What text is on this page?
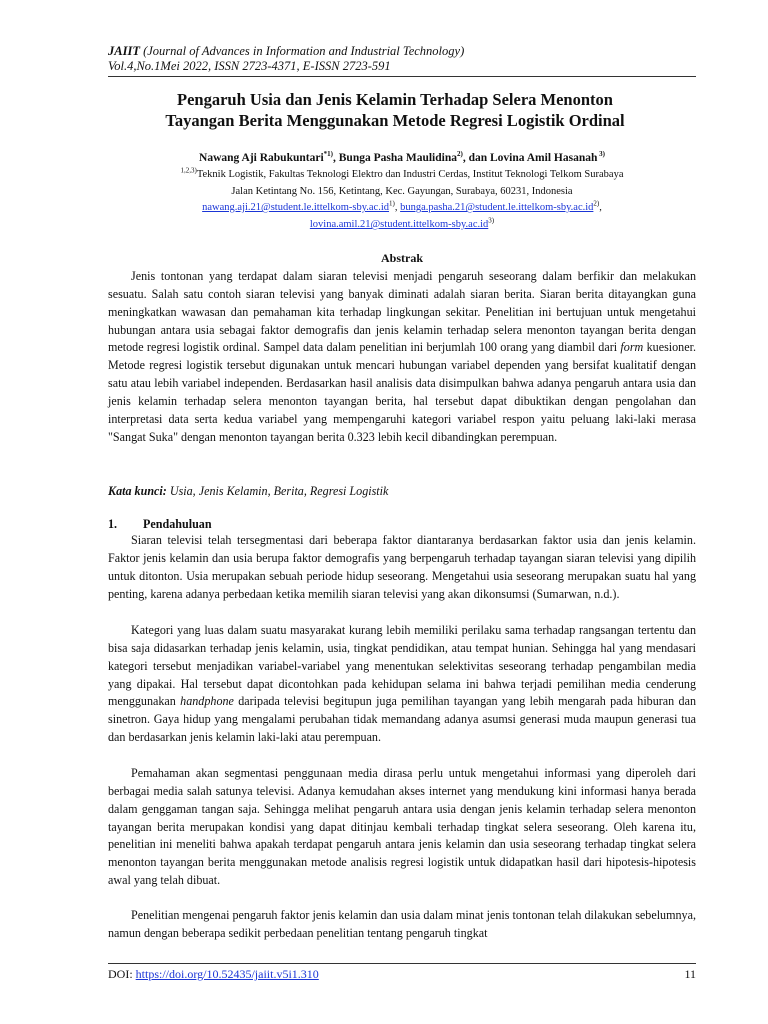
JAIIT (Journal of Advances in Information and Industrial Technology)
Vol.4,No.1Mei 2022, ISSN 2723-4371, E-ISSN 2723-591
Pengaruh Usia dan Jenis Kelamin Terhadap Selera Menonton
Tayangan Berita Menggunakan Metode Regresi Logistik Ordinal
Nawang Aji Rabukuntari$^{*1)}$, Bunga Pasha Maulidina$^{2)}$, dan Lovina Amil Hasanah $^{3)}$
$^{1,2,3)}$Teknik Logistik, Fakultas Teknologi Elektro dan Industri Cerdas, Institut Teknologi Telkom Surabaya
Jalan Ketintang No. 156, Ketintang, Kec. Gayungan, Surabaya, 60231, Indonesia
$nawang.aji.21@student.le.ittelkom-sby.ac.id^{1)}$, $bunga.pasha.21@student.le.ittelkom-sby.ac.id^{2)}$,
$lovina.amil.21@student.ittelkom-sby.ac.id^{3)}$
Abstrak

Jenis tontonan yang terdapat dalam siaran televisi menjadi pengaruh seseorang dalam berfikir dan melakukan sesuatu. Salah satu contoh siaran televisi yang banyak diminati adalah siaran berita. Siaran berita ditayangkan guna meningkatkan wawasan dan pemahaman kita terhadap lingkungan sekitar. Penelitian ini bertujuan untuk mengetahui hubungan antara usia sebagai faktor demografis dan jenis kelamin terhadap selera menonton tayangan berita dengan metode regresi logistik ordinal. Sampel data dalam penelitian ini berjumlah 100 orang yang diambil dari form kuesioner. Metode regresi logistik tersebut digunakan untuk mencari hubungan variabel dependen yang bersifat kualitatif dengan satu atau lebih variabel independen. Berdasarkan hasil analisis data disimpulkan bahwa adanya pengaruh antara usia dan jenis kelamin terhadap selera menonton tayangan berita, hal tersebut dapat dibuktikan dengan pengolahan dan interpretasi data serta kedua variabel yang mempengaruhi kategori variabel respon yaitu peluang laki-laki merasa "Sangat Suka" dengan menonton tayangan berita 0.323 lebih kecil dibandingkan perempuan.

Kata kunci: Usia, Jenis Kelamin, Berita, Regresi Logistik
1. Pendahuluan

Siaran televisi telah tersegmentasi dari beberapa faktor diantaranya berdasarkan faktor usia dan jenis kelamin. Faktor jenis kelamin dan usia berupa faktor demografis yang berpengaruh terhadap tayangan siaran televisi yang dipilih untuk ditonton. Usia merupakan sebuah periode hidup seseorang. Mengetahui usia seseorang merupakan suatu hal yang penting, karena adanya perbedaan ketika memilih siaran televisi yang akan dikonsumsi (Sumarwan, n.d.).

Kategori yang luas dalam suatu masyarakat kurang lebih memiliki perilaku sama terhadap rangsangan tertentu dan bisa saja didasarkan terhadap jenis kelamin, usia, tingkat pendidikan, atau tempat hunian. Sehingga hal yang mendasari kategori tersebut menjadikan variabel-variabel yang menentukan selektivitas seseorang terhadap pengambilan media yang dipakai. Hal tersebut dapat dicontohkan pada kehidupan selama ini bahwa terjadi pemilihan media cenderung menggunakan handphone daripada televisi begitupun juga pemilihan tayangan yang lebih mengarah pada hiburan dan sinetron. Gaya hidup yang mengalami perubahan tidak memandang adanya asumsi generasi muda maupun generasi tua dan berdasarkan jenis kelamin laki-laki atau perempuan.

Pemahaman akan segmentasi penggunaan media dirasa perlu untuk mengetahui informasi yang diperoleh dari berbagai media salah satunya televisi. Adanya kemudahan akses internet yang mendukung kini informasi hanya berada dalam genggaman tangan saja. Sehingga melihat pengaruh antara usia dengan jenis kelamin terhadap selera menonton tayangan berita merupakan kondisi yang dapat ditinjau kembali terhadap tingkat selera seseorang. Oleh karena itu, penelitian ini meneliti bahwa apakah terdapat pengaruh antara jenis kelamin dan usia seseorang terhadap tingkat selera menonton tayangan berita menggunakan metode analisis regresi logistik untuk didapatkan hasil dari hipotesis-hipotesis awal yang telah dibuat.

Penelitian mengenai pengaruh faktor jenis kelamin dan usia dalam minat jenis tontonan telah dilakukan sebelumnya, namun dengan beberapa sedikit perbedaan penelitian tentang pengaruh tingkat

DOI: https://doi.org/10.52435/jaiit.v5i1.310	11
